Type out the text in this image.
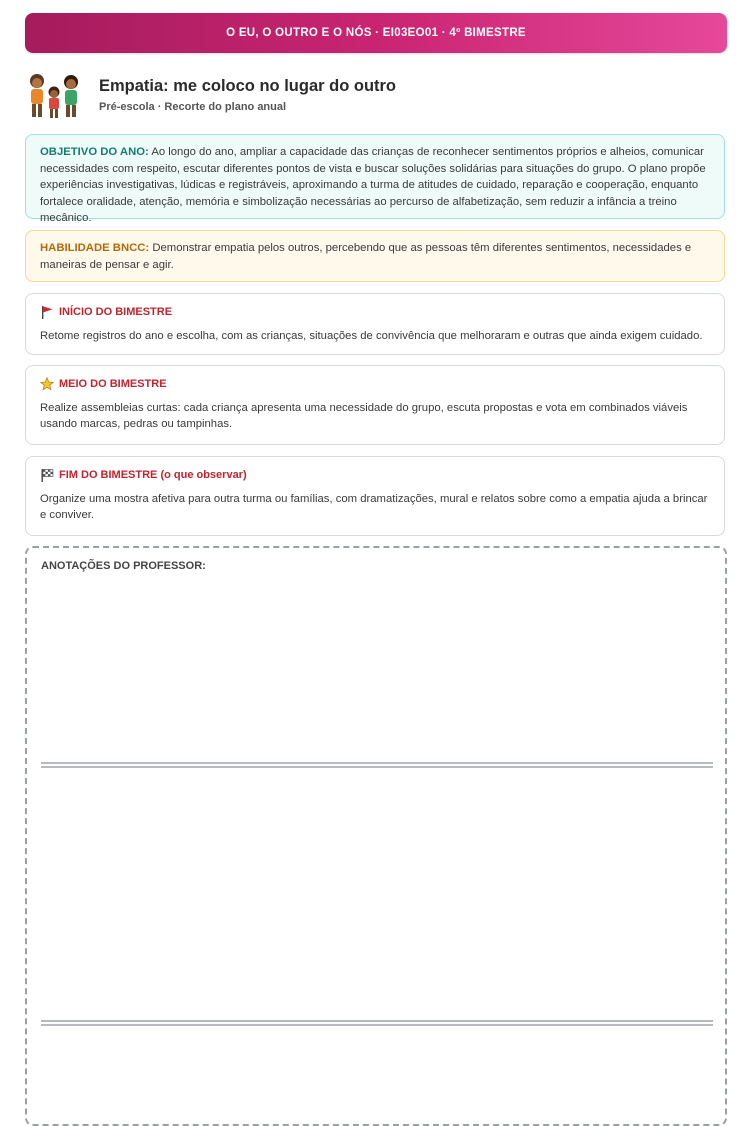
O EU, O OUTRO E O NÓS · EI03EO01 · 4º BIMESTRE
Empatia: me coloco no lugar do outro
Pré-escola · Recorte do plano anual
OBJETIVO DO ANO: Ao longo do ano, ampliar a capacidade das crianças de reconhecer sentimentos próprios e alheios, comunicar necessidades com respeito, escutar diferentes pontos de vista e buscar soluções solidárias para situações do grupo. O plano propõe experiências investigativas, lúdicas e registráveis, aproximando a turma de atitudes de cuidado, reparação e cooperação, enquanto fortalece oralidade, atenção, memória e simbolização necessárias ao percurso de alfabetização, sem reduzir a infância a treino mecânico.
HABILIDADE BNCC: Demonstrar empatia pelos outros, percebendo que as pessoas têm diferentes sentimentos, necessidades e maneiras de pensar e agir.
INÍCIO DO BIMESTRE
Retome registros do ano e escolha, com as crianças, situações de convivência que melhoraram e outras que ainda exigem cuidado.
MEIO DO BIMESTRE
Realize assembleias curtas: cada criança apresenta uma necessidade do grupo, escuta propostas e vota em combinados viáveis usando marcas, pedras ou tampinhas.
FIM DO BIMESTRE (o que observar)
Organize uma mostra afetiva para outra turma ou famílias, com dramatizações, mural e relatos sobre como a empatia ajuda a brincar e conviver.
ANOTAÇÕES DO PROFESSOR:
